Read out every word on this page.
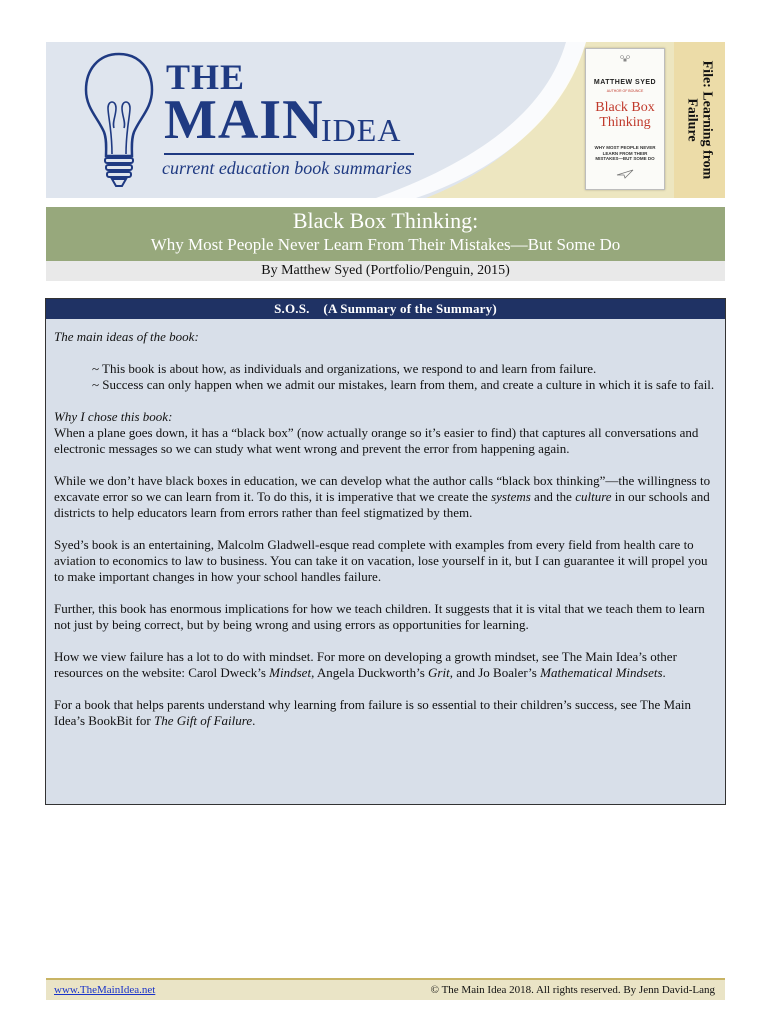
THE
MAIN
IDEA
current education book summaries
MATTHEW SYED
AUTHOR OF BOUNCE
Black Box
Thinking
WHY MOST PEOPLE NEVER LEARN FROM THEIR MISTAKES—BUT SOME DO	File: Learning from Failure
Black Box Thinking:
Why Most People Never Learn From Their Mistakes—But Some Do
By Matthew Syed (Portfolio/Penguin, 2015)
S.O.S.    (A Summary of the Summary)

The main ideas of the book:

~ This book is about how, as individuals and organizations, we respond to and learn from failure.
~ Success can only happen when we admit our mistakes, learn from them, and create a culture in which it is safe to fail.
Why I chose this book:

When a plane goes down, it has a “black box” (now actually orange so it’s easier to find) that captures all conversations and electronic messages so we can study what went wrong and prevent the error from happening again.

While we don’t have black boxes in education, we can develop what the author calls “black box thinking”—the willingness to excavate error so we can learn from it. To do this, it is imperative that we create the systems and the culture in our schools and districts to help educators learn from errors rather than feel stigmatized by them.

Syed’s book is an entertaining, Malcolm Gladwell-esque read complete with examples from every field from health care to aviation to economics to law to business. You can take it on vacation, lose yourself in it, but I can guarantee it will propel you to make important changes in how your school handles failure.

Further, this book has enormous implications for how we teach children. It suggests that it is vital that we teach them to learn not just by being correct, but by being wrong and using errors as opportunities for learning.

How we view failure has a lot to do with mindset. For more on developing a growth mindset, see The Main Idea’s other resources on the website: Carol Dweck’s Mindset, Angela Duckworth’s Grit, and Jo Boaler’s Mathematical Mindsets.

For a book that helps parents understand why learning from failure is so essential to their children’s success, see The Main Idea’s BookBit for The Gift of Failure.

www.TheMainIdea.net	© The Main Idea 2018. All rights reserved. By Jenn David-Lang
